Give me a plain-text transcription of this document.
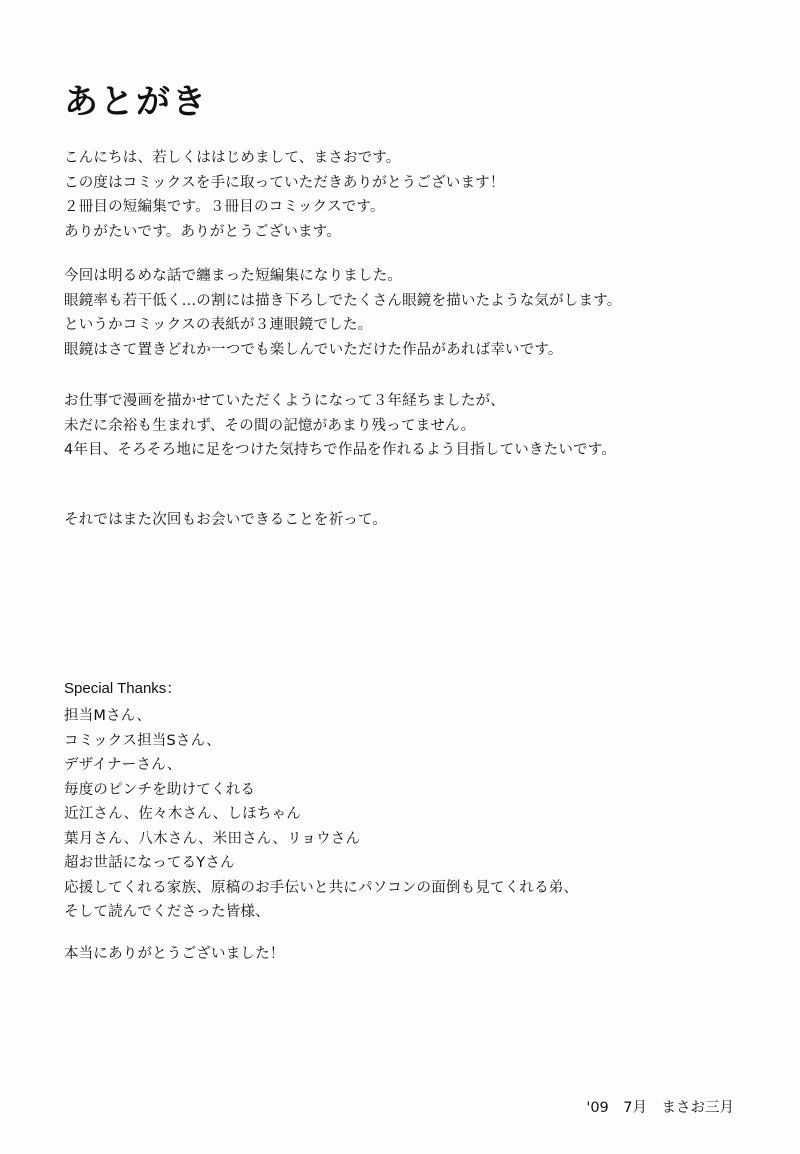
あとがき
こんにちは、若しくははじめまして、まさおです。
この度はコミックスを手に取っていただきありがとうございます！
２冊目の短編集です。３冊目のコミックスです。
ありがたいです。ありがとうございます。
今回は明るめな話で纏まった短編集になりました。
眼鏡率も若干低く…の割には描き下ろしでたくさん眼鏡を描いたような気がします。
というかコミックスの表紙が３連眼鏡でした。
眼鏡はさて置きどれか一つでも楽しんでいただけた作品があれば幸いです。
お仕事で漫画を描かせていただくようになって３年経ちましたが、
未だに余裕も生まれず、その間の記憶があまり残ってません。
4年目、そろそろ地に足をつけた気持ちで作品を作れるよう目指していきたいです。
それではまた次回もお会いできることを祈って。

Special Thanks：

担当Mさん、
コミックス担当Sさん、
デザイナーさん、
毎度のピンチを助けてくれる
近江さん、佐々木さん、しほちゃん
葉月さん、八木さん、米田さん、リョウさん
超お世話になってるYさん
応援してくれる家族、原稿のお手伝いと共にパソコンの面倒も見てくれる弟、
そして読んでくださった皆様、
本当にありがとうございました！

'09　7月　まさお三月
